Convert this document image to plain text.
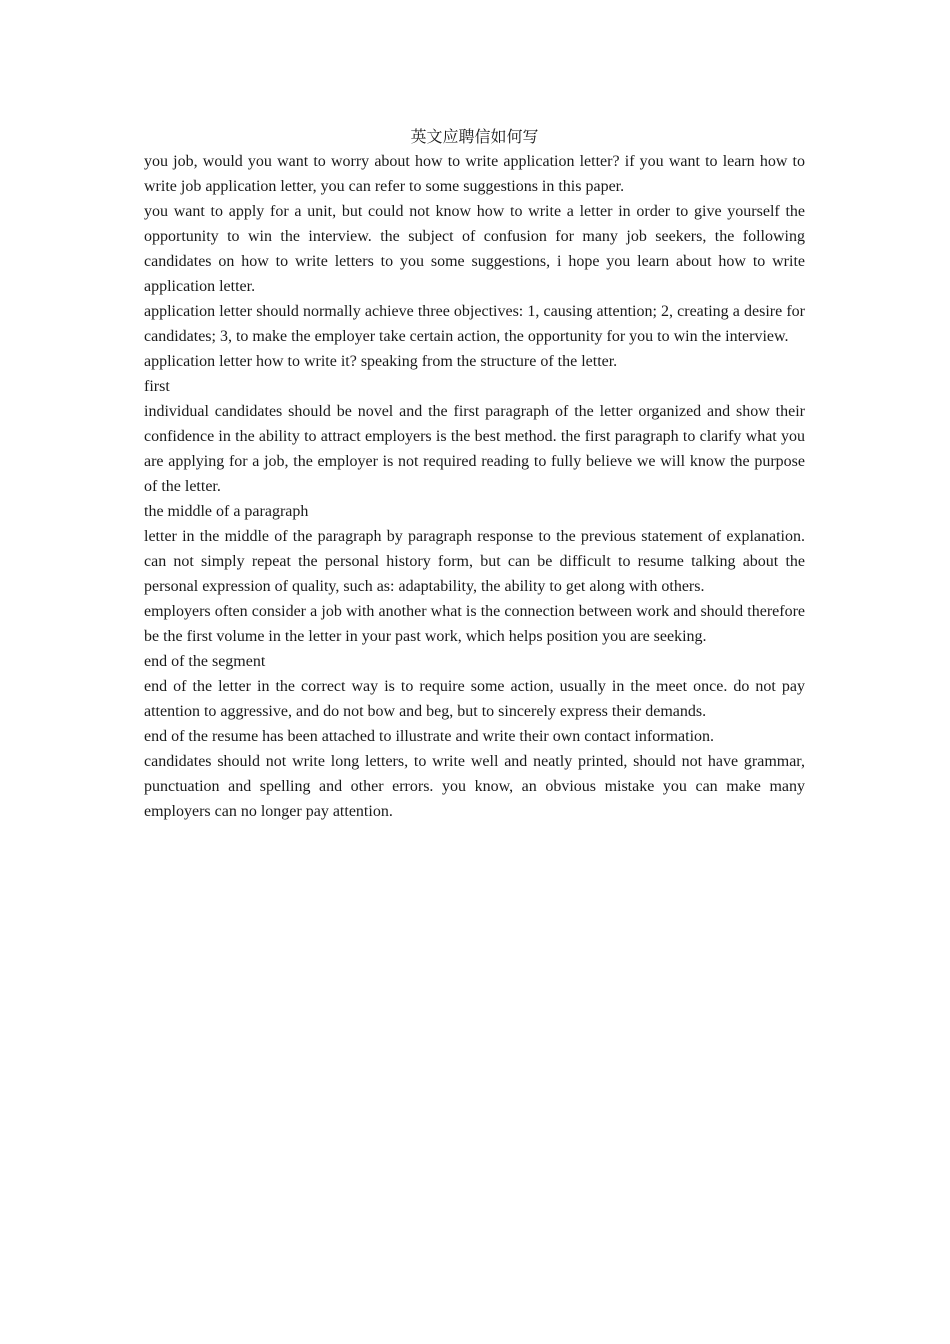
英文应聘信如何写

you job, would you want to worry about how to write application letter? if you want to learn how to write job application letter, you can refer to some suggestions in this paper.

you want to apply for a unit, but could not know how to write a letter in order to give yourself the opportunity to win the interview. the subject of confusion for many job seekers, the following candidates on how to write letters to you some suggestions, i hope you learn about how to write application letter.

application letter should normally achieve three objectives: 1, causing attention; 2, creating a desire for candidates; 3, to make the employer take certain action, the opportunity for you to win the interview.

application letter how to write it? speaking from the structure of the letter.

first

individual candidates should be novel and the first paragraph of the letter organized and show their confidence in the ability to attract employers is the best method. the first paragraph to clarify what you are applying for a job, the employer is not required reading to fully believe we will know the purpose of the letter.

the middle of a paragraph

letter in the middle of the paragraph by paragraph response to the previous statement of explanation. can not simply repeat the personal history form, but can be difficult to resume talking about the personal expression of quality, such as: adaptability, the ability to get along with others.

employers often consider a job with another what is the connection between work and should therefore be the first volume in the letter in your past work, which helps position you are seeking.

end of the segment

end of the letter in the correct way is to require some action, usually in the meet once. do not pay attention to aggressive, and do not bow and beg, but to sincerely express their demands.

end of the resume has been attached to illustrate and write their own contact information.

candidates should not write long letters, to write well and neatly printed, should not have grammar, punctuation and spelling and other errors. you know, an obvious mistake you can make many employers can no longer pay attention.
